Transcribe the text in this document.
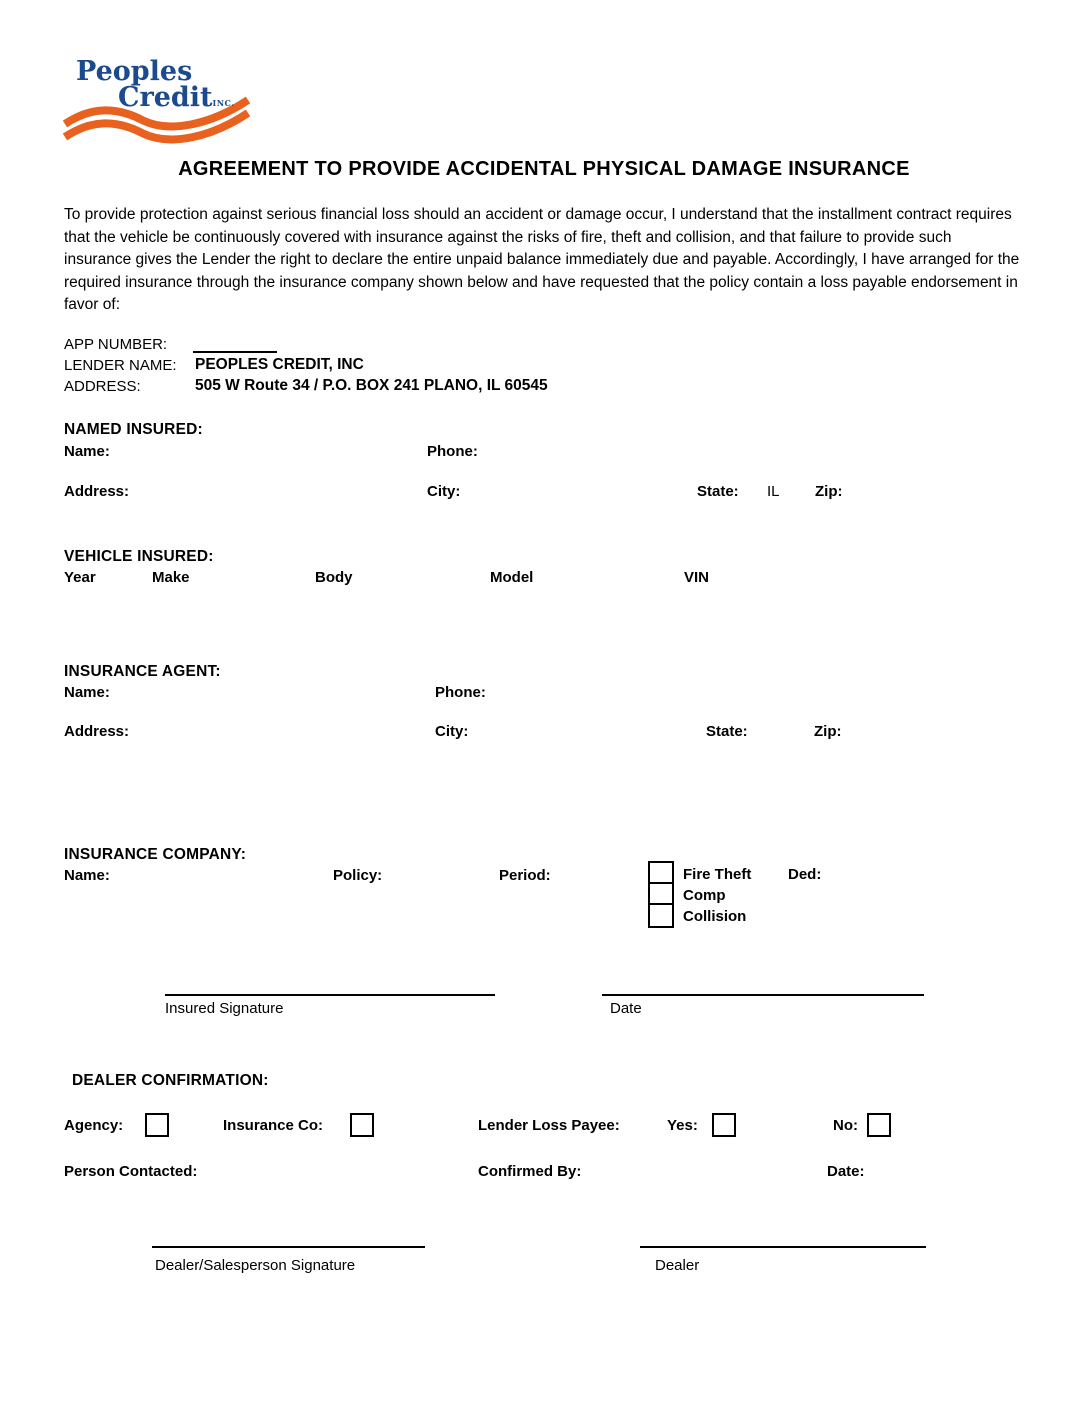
Peoples
CreditINC.
AGREEMENT TO PROVIDE ACCIDENTAL PHYSICAL DAMAGE INSURANCE
To provide protection against serious financial loss should an accident or damage occur, I understand that the installment contract requires that the vehicle be continuously covered with insurance against the risks of fire, theft and collision, and that failure to provide such insurance gives the Lender the right to declare the entire unpaid balance immediately due and payable. Accordingly, I have arranged for the required insurance through the insurance company shown below and have requested that the policy contain a loss payable endorsement in favor of:
APP NUMBER:
LENDER NAME: PEOPLES CREDIT, INC
ADDRESS:	505 W Route 34 / P.O. BOX 241 PLANO, IL 60545
NAMED INSURED:
Name:	Phone:
Address:	City:	State: IL Zip:
VEHICLE INSURED:
Year	Make	Body	Model	VIN
INSURANCE AGENT:
Name:	Phone:
Address:	City:	State:	Zip:
INSURANCE COMPANY:
Name:	Policy:	Period:	Fire Theft Ded:
Comp
Collision
Insured Signature	Date
DEALER CONFIRMATION:
Agency:	Insurance Co:	Lender Loss Payee:	Yes:	No:
Person Contacted:	Confirmed By:	Date:
Dealer/Salesperson Signature	Dealer
